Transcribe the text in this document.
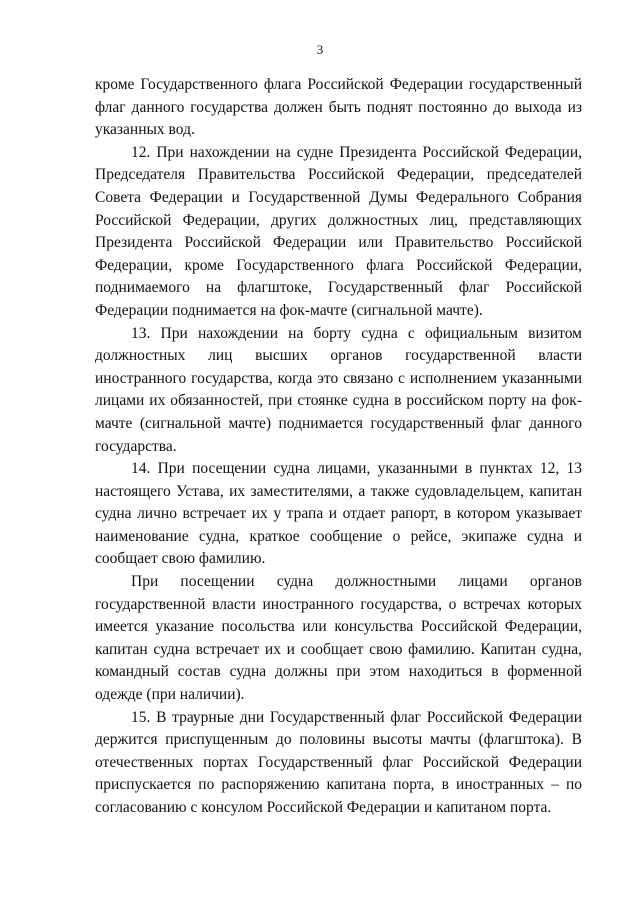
3

кроме Государственного флага Российской Федерации государственный флаг данного государства должен быть поднят постоянно до выхода из указанных вод.

12. При нахождении на судне Президента Российской Федерации, Председателя Правительства Российской Федерации, председателей Совета Федерации и Государственной Думы Федерального Собрания Российской Федерации, других должностных лиц, представляющих Президента Российской Федерации или Правительство Российской Федерации, кроме Государственного флага Российской Федерации, поднимаемого на флагштоке, Государственный флаг Российской Федерации поднимается на фок-мачте (сигнальной мачте).

13. При нахождении на борту судна с официальным визитом должностных лиц высших органов государственной власти иностранного государства, когда это связано с исполнением указанными лицами их обязанностей, при стоянке судна в российском порту на фок-мачте (сигнальной мачте) поднимается государственный флаг данного государства.

14. При посещении судна лицами, указанными в пунктах 12, 13 настоящего Устава, их заместителями, а также судовладельцем, капитан судна лично встречает их у трапа и отдает рапорт, в котором указывает наименование судна, краткое сообщение о рейсе, экипаже судна и сообщает свою фамилию.

При посещении судна должностными лицами органов государственной власти иностранного государства, о встречах которых имеется указание посольства или консульства Российской Федерации, капитан судна встречает их и сообщает свою фамилию. Капитан судна, командный состав судна должны при этом находиться в форменной одежде (при наличии).

15. В траурные дни Государственный флаг Российской Федерации держится приспущенным до половины высоты мачты (флагштока). В отечественных портах Государственный флаг Российской Федерации приспускается по распоряжению капитана порта, в иностранных – по согласованию с консулом Российской Федерации и капитаном порта.
